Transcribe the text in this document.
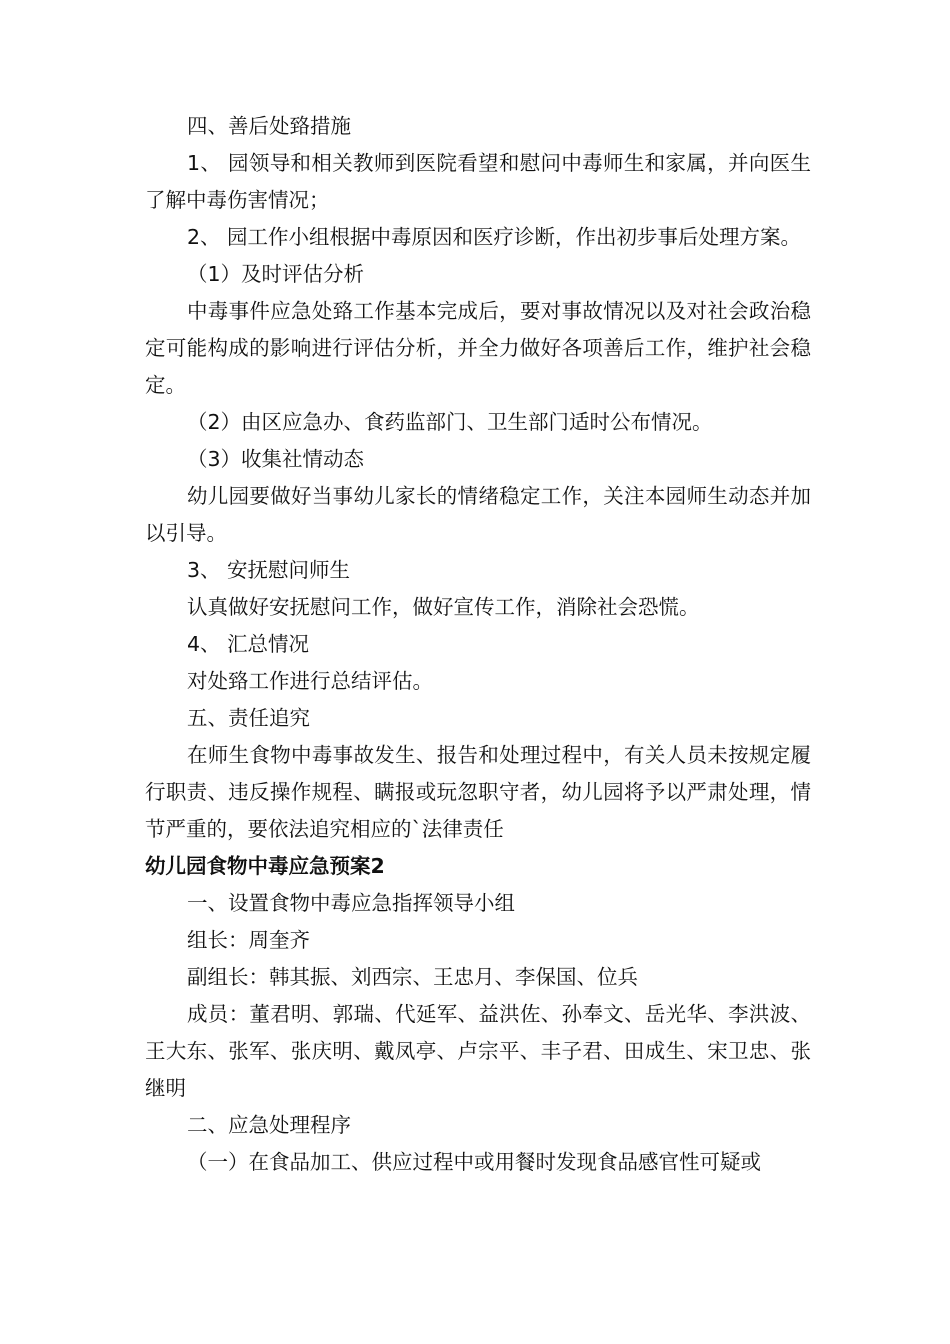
四、善后处臵措施

1、 园领导和相关教师到医院看望和慰问中毒师生和家属，并向医生了解中毒伤害情况；

2、 园工作小组根据中毒原因和医疗诊断，作出初步事后处理方案。

（1）及时评估分析

中毒事件应急处臵工作基本完成后，要对事故情况以及对社会政治稳定可能构成的影响进行评估分析，并全力做好各项善后工作，维护社会稳定。

（2）由区应急办、食药监部门、卫生部门适时公布情况。

（3）收集社情动态

幼儿园要做好当事幼儿家长的情绪稳定工作，关注本园师生动态并加以引导。

3、 安抚慰问师生

认真做好安抚慰问工作，做好宣传工作，消除社会恐慌。

4、 汇总情况

对处臵工作进行总结评估。

五、责任追究

在师生食物中毒事故发生、报告和处理过程中，有关人员未按规定履行职责、违反操作规程、瞒报或玩忽职守者，幼儿园将予以严肃处理，情节严重的，要依法追究相应的`法律责任

幼儿园食物中毒应急预案2

一、设置食物中毒应急指挥领导小组

组长：周奎齐

副组长：韩其振、刘西宗、王忠月、李保国、位兵

成员：董君明、郭瑞、代延军、益洪佐、孙奉文、岳光华、李洪波、王大东、张军、张庆明、戴凤亭、卢宗平、丰子君、田成生、宋卫忠、张继明

二、应急处理程序

（一）在食品加工、供应过程中或用餐时发现食品感官性可疑或
